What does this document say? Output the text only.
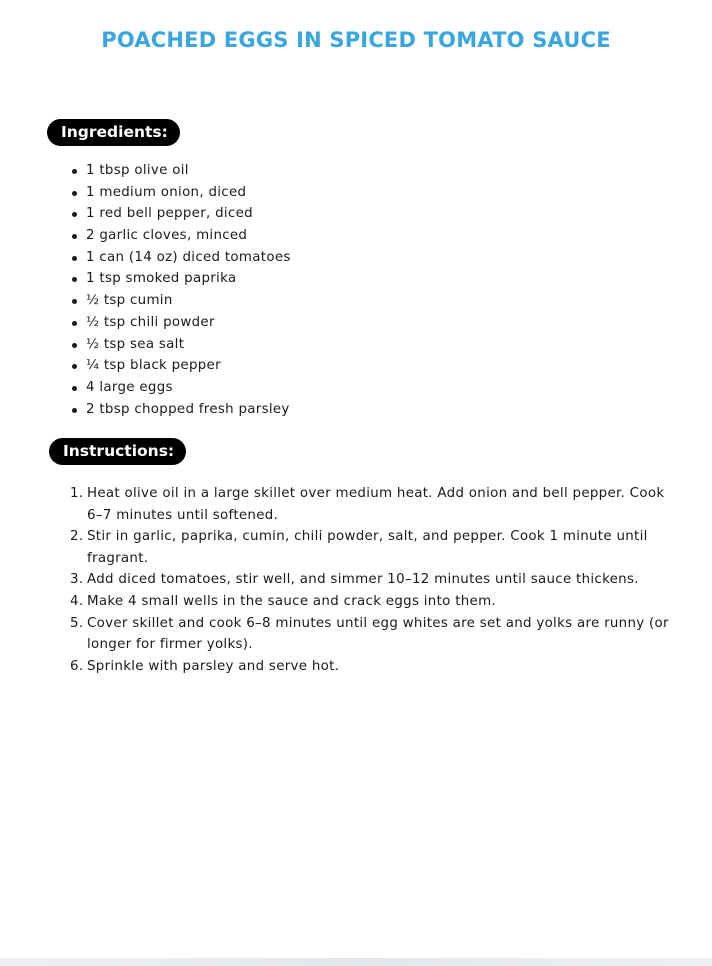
POACHED EGGS IN SPICED TOMATO SAUCE
Ingredients:
1 tbsp olive oil
1 medium onion, diced
1 red bell pepper, diced
2 garlic cloves, minced
1 can (14 oz) diced tomatoes
1 tsp smoked paprika
½ tsp cumin
½ tsp chili powder
½ tsp sea salt
¼ tsp black pepper
4 large eggs
2 tbsp chopped fresh parsley
Instructions:
1. Heat olive oil in a large skillet over medium heat. Add onion and bell pepper. Cook 6–7 minutes until softened.
2. Stir in garlic, paprika, cumin, chili powder, salt, and pepper. Cook 1 minute until fragrant.
3. Add diced tomatoes, stir well, and simmer 10–12 minutes until sauce thickens.
4. Make 4 small wells in the sauce and crack eggs into them.
5. Cover skillet and cook 6–8 minutes until egg whites are set and yolks are runny (or longer for firmer yolks).
6. Sprinkle with parsley and serve hot.
